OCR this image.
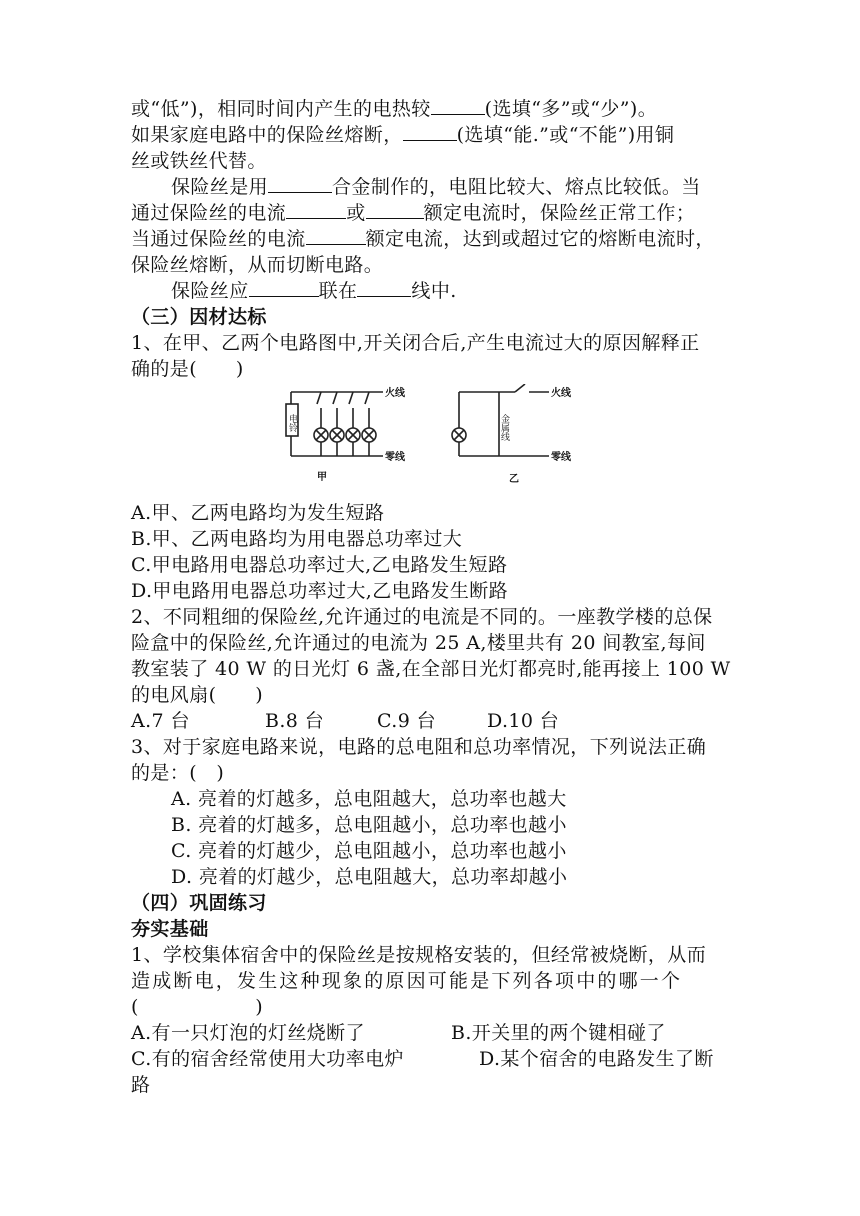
或“低”)，相同时间内产生的电热较	(选填“多”或“少”)。
如果家庭电路中的保险丝熔断，	(选填“能.”或“不能”)用铜
丝或铁丝代替。
保险丝是用	合金制作的，电阻比较大、熔点比较低。当
通过保险丝的电流	或	额定电流时，保险丝正常工作；
当通过保险丝的电流	额定电流，达到或超过它的熔断电流时，
保险丝熔断，从而切断电路。
保险丝应	联在	线中.
（三）因材达标
1、在甲、乙两个电路图中,开关闭合后,产生电流过大的原因解释正
确的是(　　)
电铃
火线
零线
甲
金属线
火线
零线
乙
A.甲、乙两电路均为发生短路
B.甲、乙两电路均为用电器总功率过大
C.甲电路用电器总功率过大,乙电路发生短路
D.甲电路用电器总功率过大,乙电路发生断路
2、不同粗细的保险丝,允许通过的电流是不同的。一座教学楼的总保
险盒中的保险丝,允许通过的电流为 25 A,楼里共有 20 间教室,每间
教室装了 40 W 的日光灯 6 盏,在全部日光灯都亮时,能再接上 100 W
的电风扇(　　)
A.7 台	B.8 台	C.9 台	D.10 台
3、对于家庭电路来说，电路的总电阻和总功率情况，下列说法正确
的是：(　)
A. 亮着的灯越多，总电阻越大，总功率也越大
B. 亮着的灯越多，总电阻越小，总功率也越小
C. 亮着的灯越少，总电阻越小，总功率也越小
D. 亮着的灯越少，总电阻越大，总功率却越小
（四）巩固练习
夯实基础
1、学校集体宿舍中的保险丝是按规格安装的，但经常被烧断，从而
造成断电，发生这种现象的原因可能是下列各项中的哪一个
(　　　　　　)
A.有一只灯泡的灯丝烧断了	B.开关里的两个键相碰了
C.有的宿舍经常使用大功率电炉	D.某个宿舍的电路发生了断
路
